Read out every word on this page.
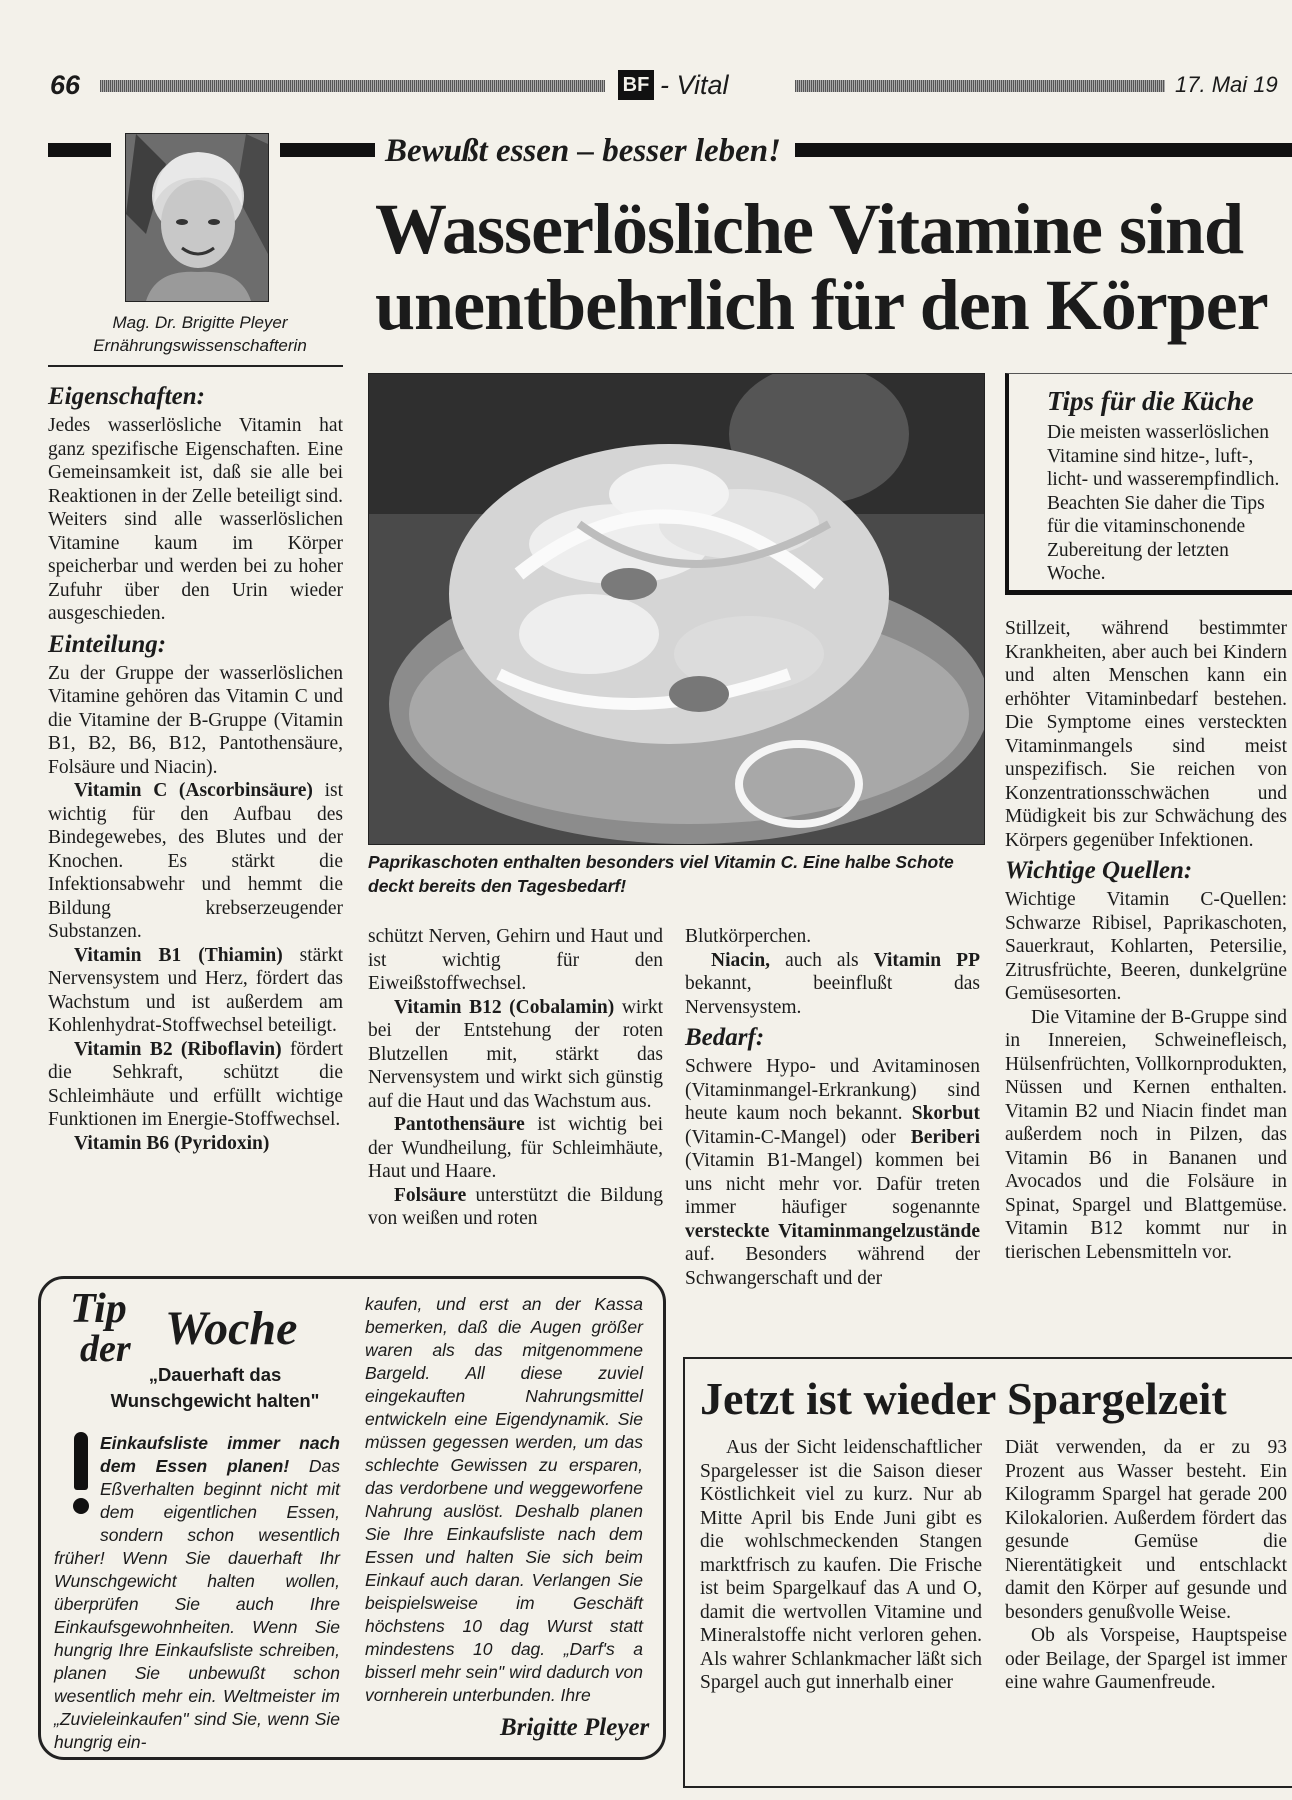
66	BF - Vital	17. Mai 19
Mag. Dr. Brigitte Pleyer
Ernährungswissenschafterin
Bewußt essen – besser leben!
Wasserlösliche Vitamine sind
unentbehrlich für den Körper

Eigenschaften:

Jedes wasserlösliche Vitamin hat ganz spezifische Eigenschaften. Eine Gemeinsamkeit ist, daß sie alle bei Reaktionen in der Zelle beteiligt sind. Weiters sind alle wasserlöslichen Vitamine kaum im Körper speicherbar und werden bei zu hoher Zufuhr über den Urin wieder ausgeschieden.

Einteilung:

Zu der Gruppe der wasserlöslichen Vitamine gehören das Vitamin C und die Vitamine der B-Gruppe (Vitamin B1, B2, B6, B12, Pantothensäure, Folsäure und Niacin).

Vitamin C (Ascorbinsäure) ist wichtig für den Aufbau des Bindegewebes, des Blutes und der Knochen. Es stärkt die Infektionsabwehr und hemmt die Bildung krebserzeugender Substanzen.

Vitamin B1 (Thiamin) stärkt Nervensystem und Herz, fördert das Wachstum und ist außerdem am Kohlenhydrat-Stoffwechsel beteiligt.

Vitamin B2 (Riboflavin) fördert die Sehkraft, schützt die Schleimhäute und erfüllt wichtige Funktionen im Energie-Stoffwechsel.

Vitamin B6 (Pyridoxin)

Paprikaschoten enthalten besonders viel Vitamin C. Eine halbe Schote
deckt bereits den Tagesbedarf!

schützt Nerven, Gehirn und Haut und ist wichtig für den Eiweißstoffwechsel.

Vitamin B12 (Cobalamin) wirkt bei der Entstehung der roten Blutzellen mit, stärkt das Nervensystem und wirkt sich günstig auf die Haut und das Wachstum aus.

Pantothensäure ist wichtig bei der Wundheilung, für Schleimhäute, Haut und Haare.

Folsäure unterstützt die Bildung von weißen und roten

Blutkörperchen.

Niacin, auch als Vitamin PP bekannt, beeinflußt das Nervensystem.

Bedarf:

Schwere Hypo- und Avitaminosen (Vitaminmangel-Erkrankung) sind heute kaum noch bekannt. Skorbut (Vitamin-C-Mangel) oder Beriberi (Vitamin B1-Mangel) kommen bei uns nicht mehr vor. Dafür treten immer häufiger sogenannte versteckte Vitaminmangelzustände auf. Besonders während der Schwangerschaft und der

Tips für die Küche
Die meisten wasserlöslichen Vitamine sind hitze-, luft-, licht- und wasserempfindlich. Beachten Sie daher die Tips für die vitaminschonende Zubereitung der letzten Woche.

Stillzeit, während bestimmter Krankheiten, aber auch bei Kindern und alten Menschen kann ein erhöhter Vitaminbedarf bestehen. Die Symptome eines versteckten Vitaminmangels sind meist unspezifisch. Sie reichen von Konzentrationsschwächen und Müdigkeit bis zur Schwächung des Körpers gegenüber Infektionen.

Wichtige Quellen:

Wichtige Vitamin C-Quellen: Schwarze Ribisel, Paprikaschoten, Sauerkraut, Kohlarten, Petersilie, Zitrusfrüchte, Beeren, dunkelgrüne Gemüsesorten.

Die Vitamine der B-Gruppe sind in Innereien, Schweinefleisch, Hülsenfrüchten, Vollkornprodukten, Nüssen und Kernen enthalten. Vitamin B2 und Niacin findet man außerdem noch in Pilzen, das Vitamin B6 in Bananen und Avocados und die Folsäure in Spinat, Spargel und Blattgemüse. Vitamin B12 kommt nur in tierischen Lebensmitteln vor.

Tip
der Woche
„Dauerhaft das
Wunschgewicht halten"
Einkaufsliste immer nach dem Essen planen! Das Eßverhalten beginnt nicht mit dem eigentlichen Essen, sondern schon wesentlich früher! Wenn Sie dauerhaft Ihr Wunschgewicht halten wollen, überprüfen Sie auch Ihre Einkaufsgewohnheiten. Wenn Sie hungrig Ihre Einkaufsliste schreiben, planen Sie unbewußt schon wesentlich mehr ein. Weltmeister im „Zuvieleinkaufen" sind Sie, wenn Sie hungrig ein-
kaufen, und erst an der Kassa bemerken, daß die Augen größer waren als das mitgenommene Bargeld. All diese zuviel eingekauften Nahrungsmittel entwickeln eine Eigendynamik. Sie müssen gegessen werden, um das schlechte Gewissen zu ersparen, das verdorbene und weggeworfene Nahrung auslöst. Deshalb planen Sie Ihre Einkaufsliste nach dem Essen und halten Sie sich beim Einkauf auch daran. Verlangen Sie beispielsweise im Geschäft höchstens 10 dag Wurst statt mindestens 10 dag. „Darf's a bisserl mehr sein" wird dadurch von vornherein unterbunden. Ihre
Brigitte Pleyer
Jetzt ist wieder Spargelzeit

Aus der Sicht leidenschaftlicher Spargelesser ist die Saison dieser Köstlichkeit viel zu kurz. Nur ab Mitte April bis Ende Juni gibt es die wohlschmeckenden Stangen marktfrisch zu kaufen. Die Frische ist beim Spargelkauf das A und O, damit die wertvollen Vitamine und Mineralstoffe nicht verloren gehen. Als wahrer Schlankmacher läßt sich Spargel auch gut innerhalb einer

Diät verwenden, da er zu 93 Prozent aus Wasser besteht. Ein Kilogramm Spargel hat gerade 200 Kilokalorien. Außerdem fördert das gesunde Gemüse die Nierentätigkeit und entschlackt damit den Körper auf gesunde und besonders genußvolle Weise.

Ob als Vorspeise, Hauptspeise oder Beilage, der Spargel ist immer eine wahre Gaumenfreude.
